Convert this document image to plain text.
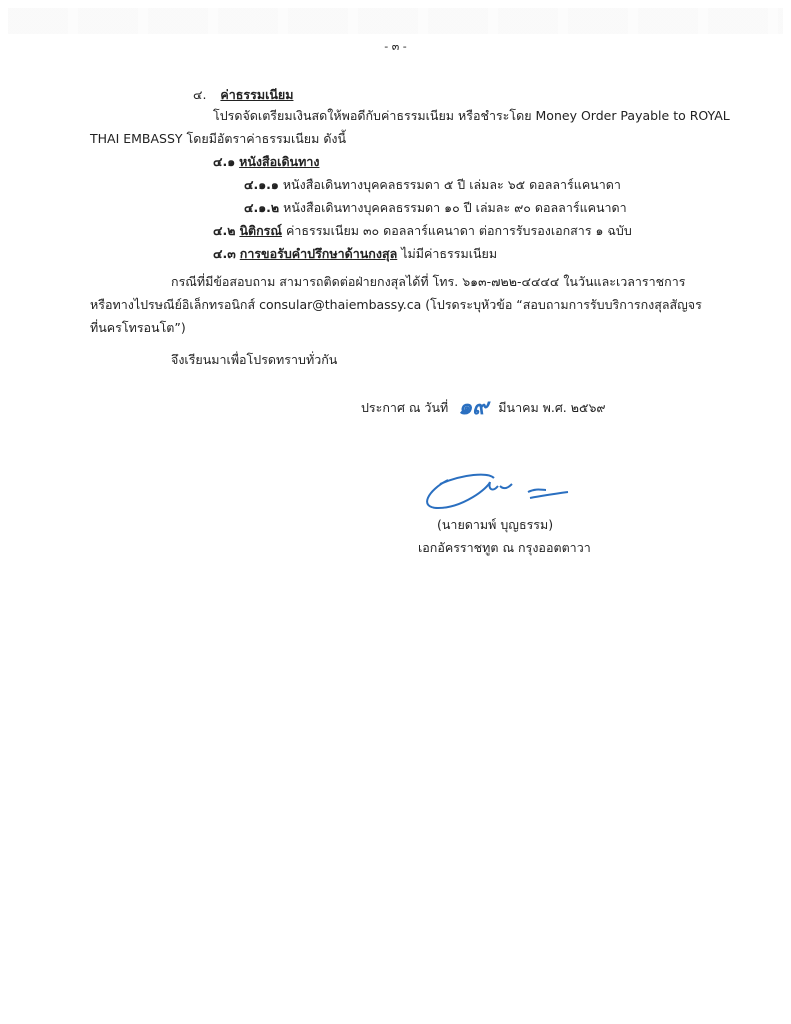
- ๓ -
๔. ค่าธรรมเนียม
โปรดจัดเตรียมเงินสดให้พอดีกับค่าธรรมเนียม หรือชำระโดย Money Order Payable to ROYAL
THAI EMBASSY โดยมีอัตราค่าธรรมเนียม ดังนี้
๔.๑ หนังสือเดินทาง
๔.๑.๑ หนังสือเดินทางบุคคลธรรมดา ๕ ปี เล่มละ ๖๕ ดอลลาร์แคนาดา
๔.๑.๒ หนังสือเดินทางบุคคลธรรมดา ๑๐ ปี เล่มละ ๙๐ ดอลลาร์แคนาดา
๔.๒ นิติกรณ์ ค่าธรรมเนียม ๓๐ ดอลลาร์แคนาดา ต่อการรับรองเอกสาร ๑ ฉบับ
๔.๓ การขอรับคำปรึกษาด้านกงสุล ไม่มีค่าธรรมเนียม
กรณีที่มีข้อสอบถาม สามารถติดต่อฝ่ายกงสุลได้ที่ โทร. ๖๑๓-๗๒๒-๔๔๔๔ ในวันและเวลาราชการ
หรือทางไปรษณีย์อิเล็กทรอนิกส์ consular@thaiembassy.ca (โปรดระบุหัวข้อ “สอบถามการรับบริการกงสุลสัญจร
ที่นครโทรอนโต”)
จึงเรียนมาเพื่อโปรดทราบทั่วกัน
ประกาศ ณ วันที่ ๑๙ มีนาคม พ.ศ. ๒๕๖๙
(นายดามพ์ บุญธรรม)
เอกอัครราชทูต ณ กรุงออตตาวา
